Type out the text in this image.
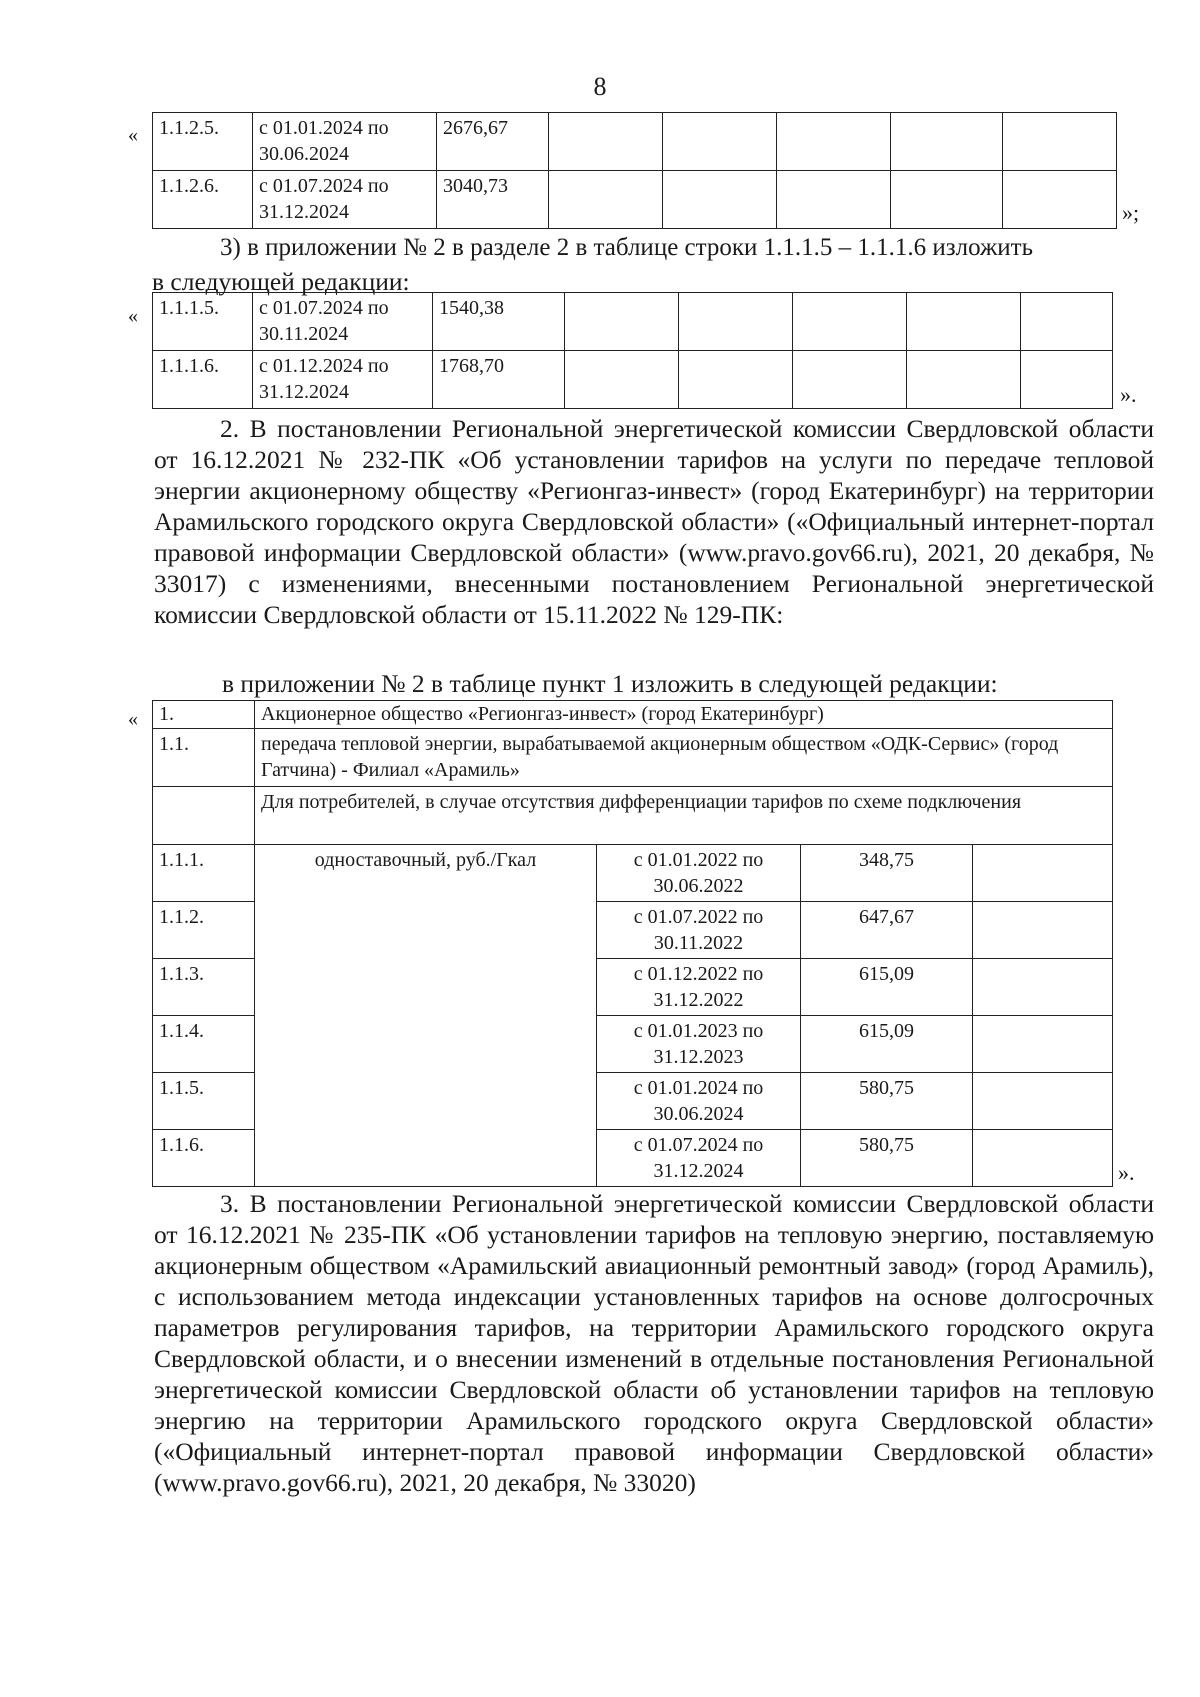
8
« 1.1.2.5.	с 01.01.2024 по 30.06.2024	2676,67					
1.1.2.6.	с 01.07.2024 по 31.12.2024	3040,73					
»;
3) в приложении № 2 в разделе 2 в таблице строки 1.1.1.5 – 1.1.1.6 изложить
в следующей редакции:
« 1.1.1.5.	с 01.07.2024 по 30.11.2024	1540,38					
1.1.1.6.	с 01.12.2024 по 31.12.2024	1768,70					
».

2. В постановлении Региональной энергетической комиссии Свердловской области от 16.12.2021 № 232-ПК «Об установлении тарифов на услуги по передаче тепловой энергии акционерному обществу «Регионгаз-инвест» (город Екатеринбург) на территории Арамильского городского округа Свердловской области» («Официальный интернет-портал правовой информации Свердловской области» (www.pravo.gov66.ru), 2021, 20 декабря, № 33017) с изменениями, внесенными постановлением Региональной энергетической комиссии Свердловской области от 15.11.2022 № 129-ПК:

в приложении № 2 в таблице пункт 1 изложить в следующей редакции:
« 1.	Акционерное общество «Регионгаз-инвест» (город Екатеринбург)			
1.1.	передача тепловой энергии, вырабатываемой акционерным обществом «ОДК-Сервис» (город Гатчина) - Филиал «Арамиль»			
	Для потребителей, в случае отсутствия дифференциации тарифов по схеме подключения			
1.1.1.	одноставочный, руб./Гкал	с 01.01.2022 по 30.06.2022	348,75	
1.1.2.		с 01.07.2022 по 30.11.2022	647,67	
1.1.3.		с 01.12.2022 по 31.12.2022	615,09	
1.1.4.		с 01.01.2023 по 31.12.2023	615,09	
1.1.5.		с 01.01.2024 по 30.06.2024	580,75	
1.1.6.		с 01.07.2024 по 31.12.2024	580,75	
».

3. В постановлении Региональной энергетической комиссии Свердловской области от 16.12.2021 № 235-ПК «Об установлении тарифов на тепловую энергию, поставляемую акционерным обществом «Арамильский авиационный ремонтный завод» (город Арамиль), с использованием метода индексации установленных тарифов на основе долгосрочных параметров регулирования тарифов, на территории Арамильского городского округа Свердловской области, и о внесении изменений в отдельные постановления Региональной энергетической комиссии Свердловской области об установлении тарифов на тепловую энергию на территории Арамильского городского округа Свердловской области» («Официальный интернет-портал правовой информации Свердловской области» (www.pravo.gov66.ru), 2021, 20 декабря, № 33020)
